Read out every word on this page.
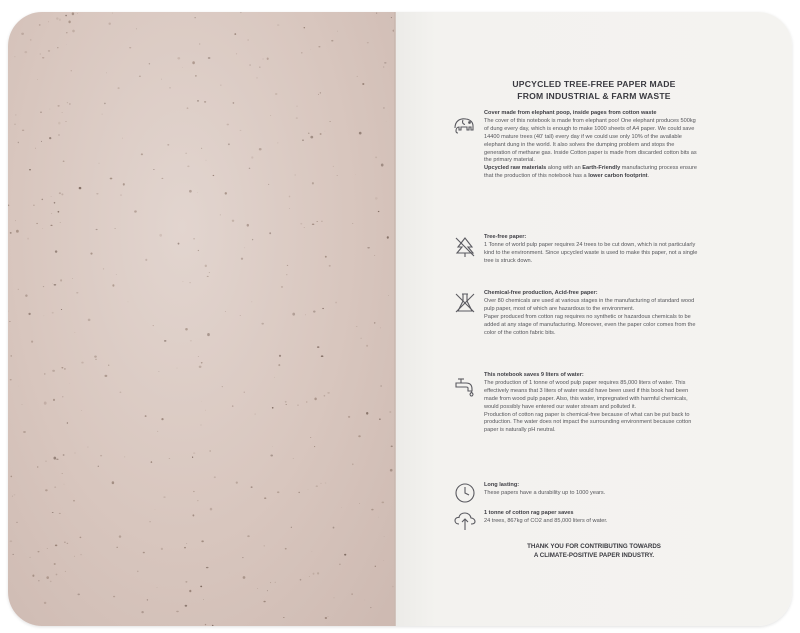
UPCYCLED TREE-FREE PAPER MADE
FROM INDUSTRIAL & FARM WASTE

Cover made from elephant poop, inside pages from cotton waste

The cover of this notebook is made from elephant poo! One elephant produces 500kg of dung every day, which is enough to make 1000 sheets of A4 paper. We could save 14400 mature trees (40' tall) every day if we could use only 10% of the available elephant dung in the world. It also solves the dumping problem and stops the generation of methane gas. Inside Cotton paper is made from discarded cotton bits as the primary material.

Upcycled raw materials along with an Earth-Friendly manufacturing process ensure that the production of this notebook has a lower carbon footprint.

Tree-free paper:

1 Tonne of world pulp paper requires 24 trees to be cut down, which is not particularly kind to the environment. Since upcycled waste is used to make this paper, not a single tree is struck down.

Chemical-free production, Acid-free paper:

Over 80 chemicals are used at various stages in the manufacturing of standard wood pulp paper, most of which are hazardous to the environment.

Paper produced from cotton rag requires no synthetic or hazardous chemicals to be added at any stage of manufacturing. Moreover, even the paper color comes from the color of the cotton fabric bits.

This notebook saves 9 liters of water:

The production of 1 tonne of wood pulp paper requires 85,000 liters of water. This effectively means that 3 liters of water would have been used if this book had been made from wood pulp paper. Also, this water, impregnated with harmful chemicals, would possibly have entered our water stream and polluted it.

Production of cotton rag paper is chemical-free because of what can be put back to production. The water does not impact the surrounding environment because cotton paper is naturally pH neutral.

Long lasting:

These papers have a durability up to 1000 years.

1 tonne of cotton rag paper saves

24 trees, 867kg of CO2 and 85,000 liters of water.

THANK YOU FOR CONTRIBUTING TOWARDS
A CLIMATE-POSITIVE PAPER INDUSTRY.
